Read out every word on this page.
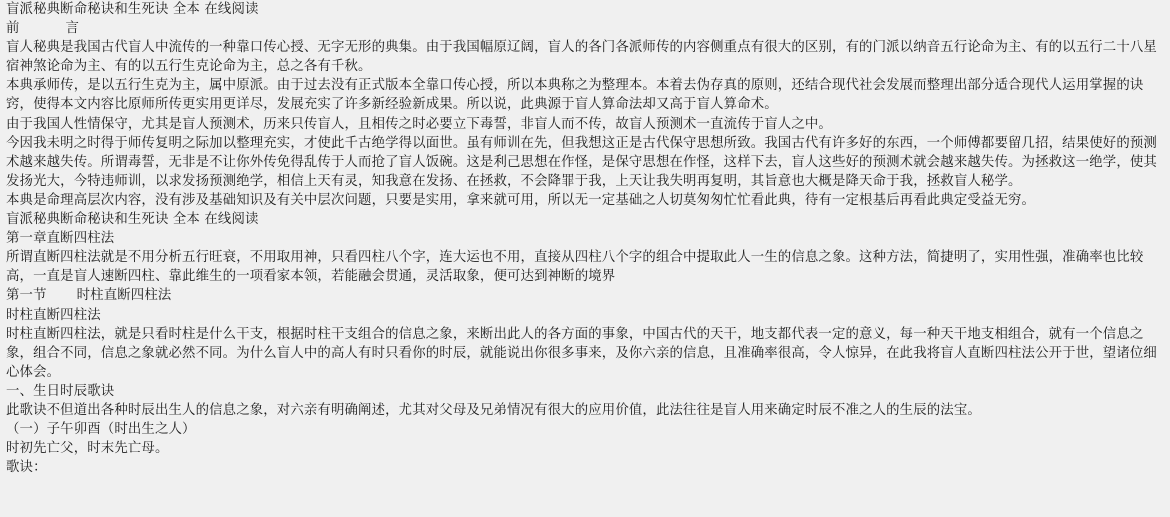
盲派秘典断命秘诀和生死诀 全本 在线阅读

前	言

盲人秘典是我国古代盲人中流传的一种靠口传心授、无字无形的典集。由于我国幅原辽阔，盲人的各门各派师传的内容侧重点有很大的区别，有的门派以纳音五行论命为主、有的以五行二十八星宿神煞论命为主、有的以五行生克论命为主，总之各有千秋。

本典承师传，是以五行生克为主，属中原派。由于过去没有正式版本全靠口传心授，所以本典称之为整理本。本着去伪存真的原则，还结合现代社会发展而整理出部分适合现代人运用掌握的诀窍，使得本文内容比原师所传更实用更详尽，发展充实了许多新经验新成果。所以说，此典源于盲人算命法却又高于盲人算命术。

由于我国人性情保守，尤其是盲人预测术，历来只传盲人，且相传之时必要立下毒誓，非盲人而不传，故盲人预测术一直流传于盲人之中。

今因我未明之时得于师传复明之际加以整理充实，才使此千古绝学得以面世。虽有师训在先，但我想这正是古代保守思想所致。我国古代有许多好的东西，一个师傅都要留几招，结果使好的预测术越来越失传。所谓毒誓，无非是不让你外传免得乱传于人而抢了盲人饭碗。这是利己思想在作怪，是保守思想在作怪，这样下去，盲人这些好的预测术就会越来越失传。为拯救这一绝学，使其发扬光大，今特违师训，以求发扬预测绝学，相信上天有灵，知我意在发扬、在拯救，不会降罪于我，上天让我失明再复明，其旨意也大概是降天命于我，拯救盲人秘学。

本典是命理高层次内容，没有涉及基础知识及有关中层次问题，只要是实用，拿来就可用，所以无一定基础之人切莫匆匆忙忙看此典，待有一定根基后再看此典定受益无穷。

盲派秘典断命秘诀和生死诀 全本 在线阅读

第一章直断四柱法

所谓直断四柱法就是不用分析五行旺衰，不用取用神，只看四柱八个字，连大运也不用，直接从四柱八个字的组合中提取此人一生的信息之象。这种方法，简捷明了，实用性强，准确率也比较高，一直是盲人速断四柱、靠此维生的一项看家本领，若能融会贯通，灵活取象，便可达到神断的境界

第一节 时柱直断四柱法

时柱直断四柱法

时柱直断四柱法，就是只看时柱是什么干支，根据时柱干支组合的信息之象，来断出此人的各方面的事象，中国古代的天干，地支都代表一定的意义，每一种天干地支相组合，就有一个信息之象，组合不同，信息之象就必然不同。为什么盲人中的高人有时只看你的时辰，就能说出你很多事来，及你六亲的信息，且准确率很高，令人惊异，在此我将盲人直断四柱法公开于世，望诸位细心体会。

一、生日时辰歌诀

此歌诀不但道出各种时辰出生人的信息之象，对六亲有明确阐述，尤其对父母及兄弟情况有很大的应用价值，此法往往是盲人用来确定时辰不准之人的生辰的法宝。

（一）子午卯酉（时出生之人）

时初先亡父，时末先亡母。

歌诀：
